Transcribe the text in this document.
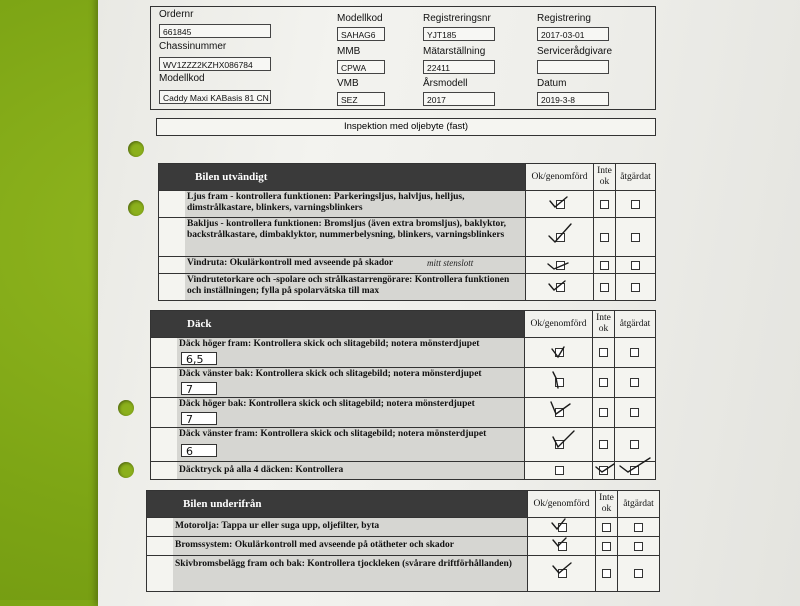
Ordernr
661845
Chassinummer
WV1ZZZ2KZHX086784
Modellkod
Caddy Maxi KABasis 81 CN
Modellkod
SAHAG6
MMB
CPWA
VMB
SEZ
Registreringsnr
YJT185
Mätarställning
22411
Årsmodell
2017
Registrering
2017-03-01
Servicerådgivare
Datum
2019-3-8
Inspektion med oljebyte (fast)
Bilen utvändigt	Ok/genomförd
Inte
ok	åtgärdat
Ljus fram - kontrollera funktionen: Parkeringsljus, halvljus, helljus, dimstrålkastare, blinkers, varningsblinkers
Bakljus - kontrollera funktionen: Bromsljus (även extra bromsljus), baklyktor, backstrålkastare, dimbaklyktor, nummerbelysning, blinkers, varningsblinkers
Vindruta: Okulärkontroll med avseende på skador	mitt stenslott
Vindrutetorkare och -spolare och strålkastarrengörare: Kontrollera funktionen och inställningen; fylla på spolarvätska till max
Däck	Ok/genomförd
Inte
ok	åtgärdat
Däck höger fram: Kontrollera skick och slitagebild; notera mönsterdjupet
6,5
Däck vänster bak: Kontrollera skick och slitagebild; notera mönsterdjupet
7
Däck höger bak: Kontrollera skick och slitagebild; notera mönsterdjupet
7
Däck vänster fram: Kontrollera skick och slitagebild; notera mönsterdjupet
6
Däcktryck på alla 4 däcken: Kontrollera
Bilen underifrån	Ok/genomförd
Inte
ok	åtgärdat
Motorolja: Tappa ur eller suga upp, oljefilter, byta
Bromssystem: Okulärkontroll med avseende på otätheter och skador
Skivbromsbelägg fram och bak: Kontrollera tjockleken (svårare driftförhållanden)
